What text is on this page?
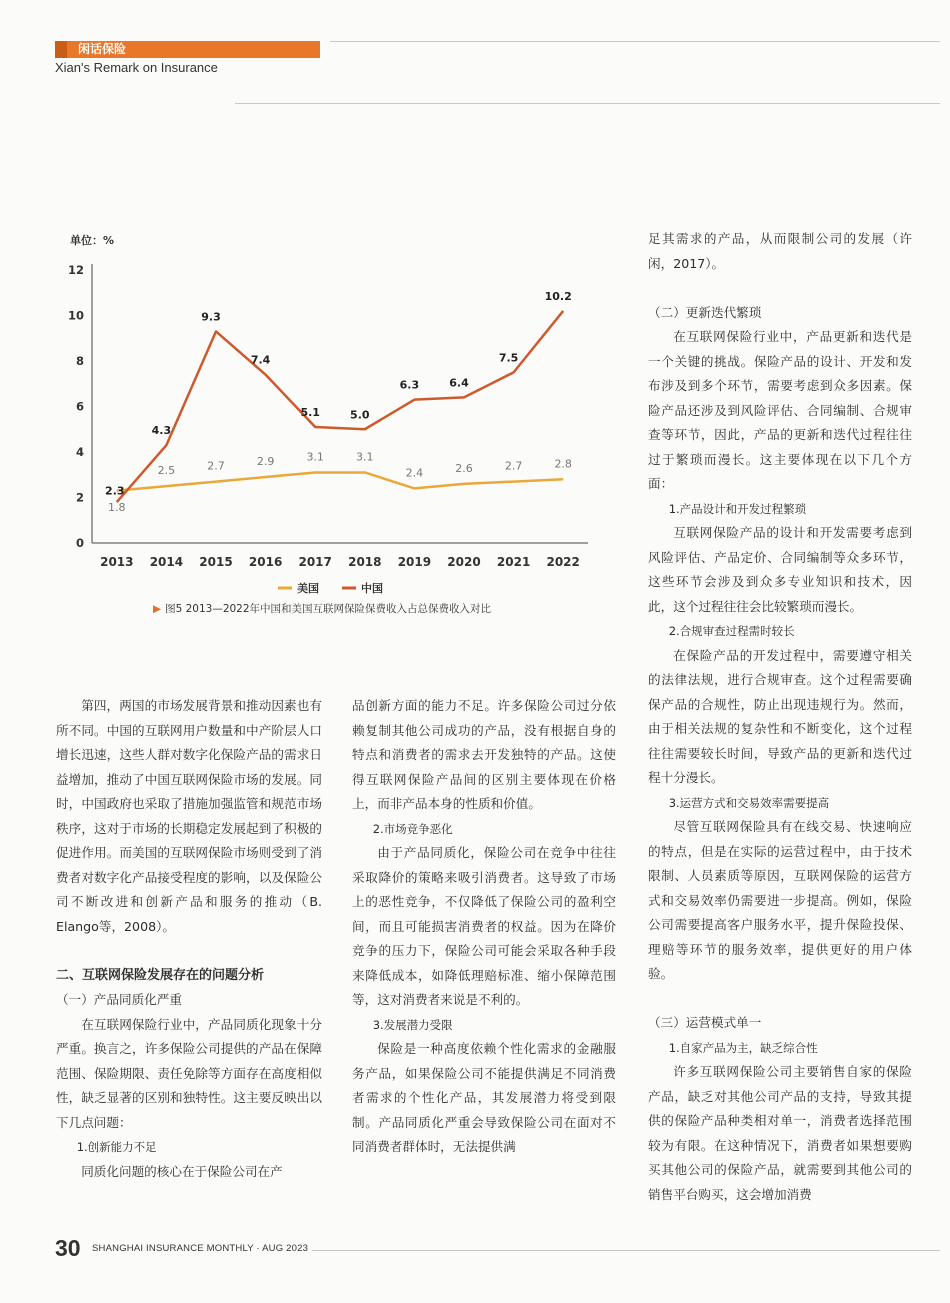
闲话保险
Xian's Remark on Insurance
单位：%
0
2
4
6
8
10
12
2013 2014 2015 2016 2017 2018 2019 2020 2021 2022
1.8
2.5	2.7	2.9	3.1	3.1
2.4	2.6	2.7	2.8
2.3
4.3
9.3
7.4
5.1	5.0
6.3	6.4
7.5
10.2
美国	中国
▶ 图5 2013—2022年中国和美国互联网保险保费收入占总保费收入对比

第四，两国的市场发展背景和推动因素也有所不同。中国的互联网用户数量和中产阶层人口增长迅速，这些人群对数字化保险产品的需求日益增加，推动了中国互联网保险市场的发展。同时，中国政府也采取了措施加强监管和规范市场秩序，这对于市场的长期稳定发展起到了积极的促进作用。而美国的互联网保险市场则受到了消费者对数字化产品接受程度的影响，以及保险公司不断改进和创新产品和服务的推动（B. Elango等，2008）。

二、互联网保险发展存在的问题分析

（一）产品同质化严重

在互联网保险行业中，产品同质化现象十分严重。换言之，许多保险公司提供的产品在保障范围、保险期限、责任免除等方面存在高度相似性，缺乏显著的区别和独特性。这主要反映出以下几点问题：

1.创新能力不足

同质化问题的核心在于保险公司在产

品创新方面的能力不足。许多保险公司过分依赖复制其他公司成功的产品，没有根据自身的特点和消费者的需求去开发独特的产品。这使得互联网保险产品间的区别主要体现在价格上，而非产品本身的性质和价值。

2.市场竞争恶化

由于产品同质化，保险公司在竞争中往往采取降价的策略来吸引消费者。这导致了市场上的恶性竞争，不仅降低了保险公司的盈利空间，而且可能损害消费者的权益。因为在降价竞争的压力下，保险公司可能会采取各种手段来降低成本，如降低理赔标准、缩小保障范围等，这对消费者来说是不利的。

3.发展潜力受限

保险是一种高度依赖个性化需求的金融服务产品，如果保险公司不能提供满足不同消费者需求的个性化产品，其发展潜力将受到限制。产品同质化严重会导致保险公司在面对不同消费者群体时，无法提供满

足其需求的产品，从而限制公司的发展（许闲，2017）。

（二）更新迭代繁琐

在互联网保险行业中，产品更新和迭代是一个关键的挑战。保险产品的设计、开发和发布涉及到多个环节，需要考虑到众多因素。保险产品还涉及到风险评估、合同编制、合规审查等环节，因此，产品的更新和迭代过程往往过于繁琐而漫长。这主要体现在以下几个方面：

1.产品设计和开发过程繁琐

互联网保险产品的设计和开发需要考虑到风险评估、产品定价、合同编制等众多环节，这些环节会涉及到众多专业知识和技术，因此，这个过程往往会比较繁琐而漫长。

2.合规审查过程需时较长

在保险产品的开发过程中，需要遵守相关的法律法规，进行合规审查。这个过程需要确保产品的合规性，防止出现违规行为。然而，由于相关法规的复杂性和不断变化，这个过程往往需要较长时间，导致产品的更新和迭代过程十分漫长。

3.运营方式和交易效率需要提高

尽管互联网保险具有在线交易、快速响应的特点，但是在实际的运营过程中，由于技术限制、人员素质等原因，互联网保险的运营方式和交易效率仍需要进一步提高。例如，保险公司需要提高客户服务水平，提升保险投保、理赔等环节的服务效率，提供更好的用户体验。

（三）运营模式单一

1.自家产品为主，缺乏综合性

许多互联网保险公司主要销售自家的保险产品，缺乏对其他公司产品的支持，导致其提供的保险产品种类相对单一，消费者选择范围较为有限。在这种情况下，消费者如果想要购买其他公司的保险产品，就需要到其他公司的销售平台购买，这会增加消费

30 SHANGHAI INSURANCE MONTHLY · AUG 2023
